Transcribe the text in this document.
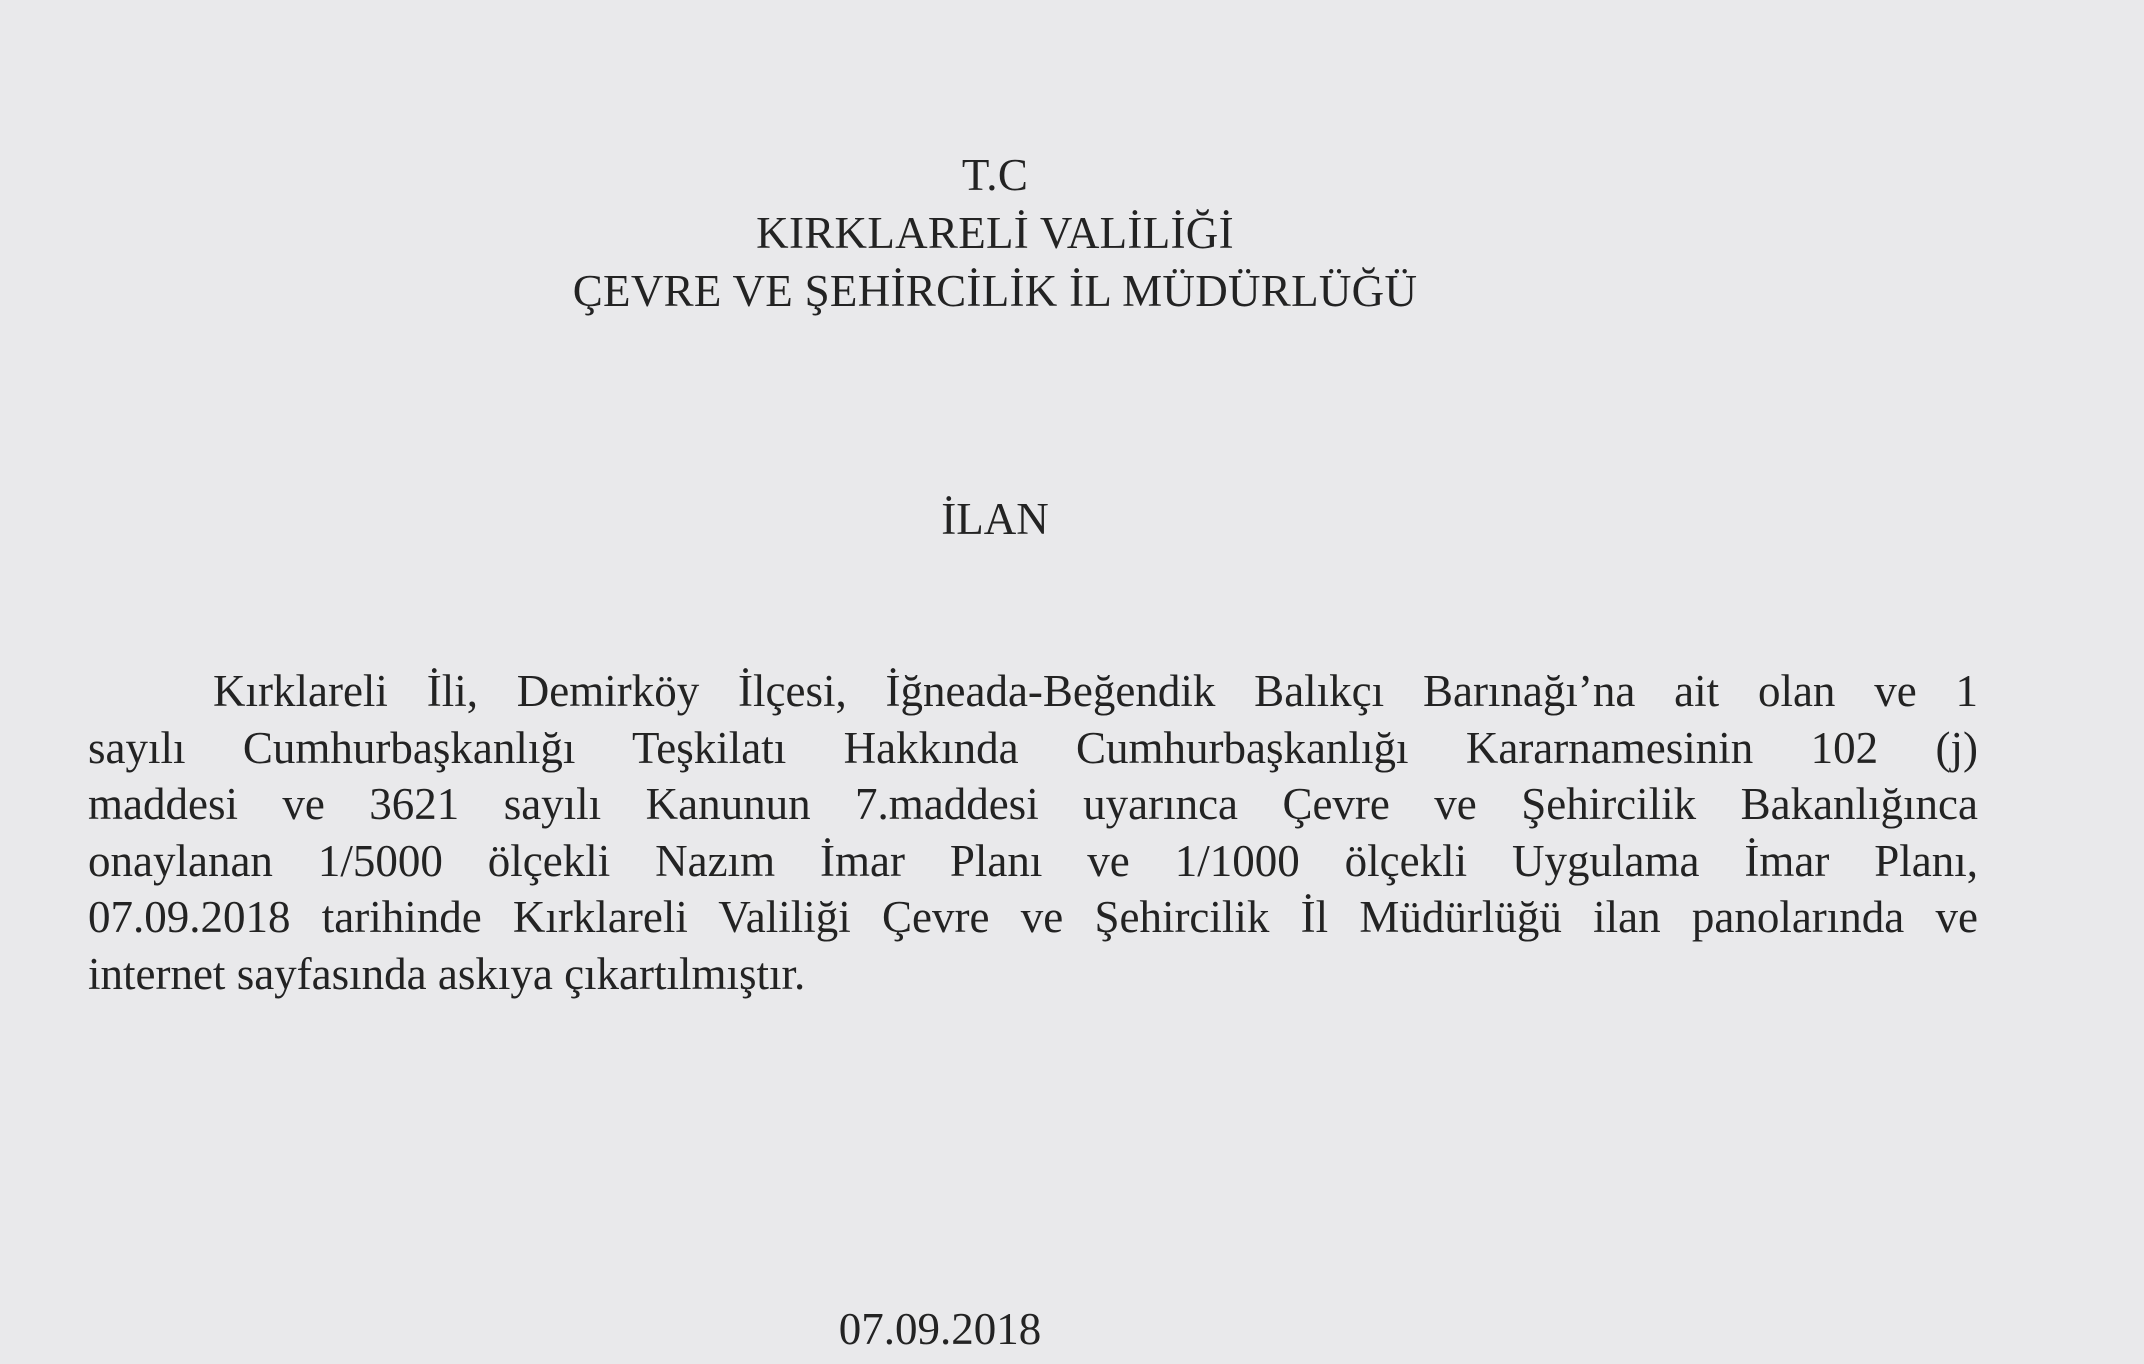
T.C
KIRKLARELİ VALİLİĞİ
ÇEVRE VE ŞEHİRCİLİK İL MÜDÜRLÜĞÜ
İLAN
Kırklareli İli, Demirköy İlçesi, İğneada-Beğendik Balıkçı Barınağı’na ait olan ve 1
sayılı Cumhurbaşkanlığı Teşkilatı Hakkında Cumhurbaşkanlığı Kararnamesinin 102 (j)
maddesi ve 3621 sayılı Kanunun 7.maddesi uyarınca Çevre ve Şehircilik Bakanlığınca
onaylanan 1/5000 ölçekli Nazım İmar Planı ve 1/1000 ölçekli Uygulama İmar Planı,
07.09.2018 tarihinde Kırklareli Valiliği Çevre ve Şehircilik İl Müdürlüğü ilan panolarında ve
internet sayfasında askıya çıkartılmıştır.
07.09.2018
